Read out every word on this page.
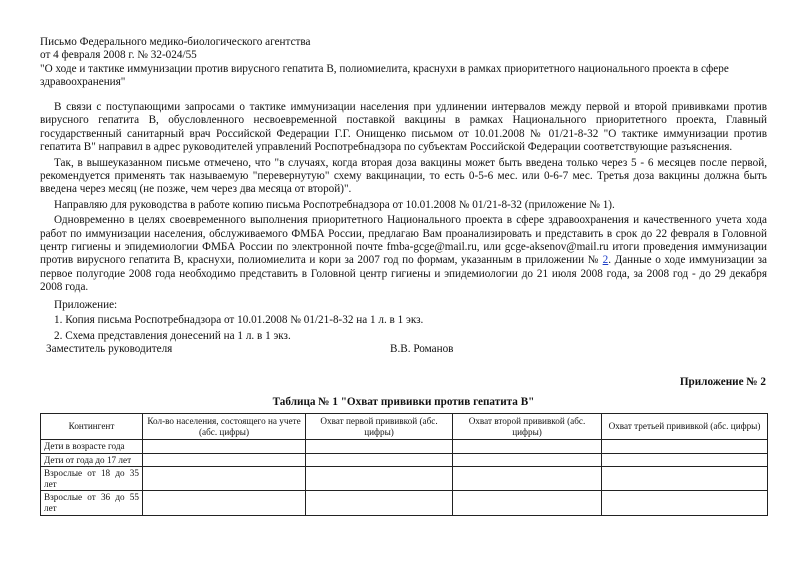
Письмо Федерального медико-биологического агентства
от 4 февраля 2008 г. № 32-024/55
"О ходе и тактике иммунизации против вирусного гепатита В, полиомиелита, краснухи в рамках приоритетного национального проекта в сфере
здравоохранения"

В связи с поступающими запросами о тактике иммунизации населения при удлинении интервалов между первой и второй прививками против вирусного гепатита В, обусловленного несвоевременной поставкой вакцины в рамках Национального приоритетного проекта, Главный государственный санитарный врач Российской Федерации Г.Г. Онищенко письмом от 10.01.2008 № 01/21-8-32 "О тактике иммунизации против гепатита В" направил в адрес руководителей управлений Роспотребнадзора по субъектам Российской Федерации соответствующие разъяснения.

Так, в вышеуказанном письме отмечено, что "в случаях, когда вторая доза вакцины может быть введена только через 5 - 6 месяцев после первой, рекомендуется применять так называемую "перевернутую" схему вакцинации, то есть 0-5-6 мес. или 0-6-7 мес. Третья доза вакцины должна быть введена через месяц (не позже, чем через два месяца от второй)".

Направляю для руководства в работе копию письма Роспотребнадзора от 10.01.2008 № 01/21-8-32 (приложение № 1).

Одновременно в целях своевременного выполнения приоритетного Национального проекта в сфере здравоохранения и качественного учета хода работ по иммунизации населения, обслуживаемого ФМБА России, предлагаю Вам проанализировать и представить в срок до 22 февраля в Головной центр гигиены и эпидемиологии ФМБА России по электронной почте fmba-gcge@mail.ru, или gcge-aksenov@mail.ru итоги проведения иммунизации против вирусного гепатита В, краснухи, полиомиелита и кори за 2007 год по формам, указанным в приложении № 2. Данные о ходе иммунизации за первое полугодие 2008 года необходимо представить в Головной центр гигиены и эпидемиологии до 21 июля 2008 года, за 2008 год - до 29 декабря 2008 года.

Приложение:
1. Копия письма Роспотребнадзора от 10.01.2008 № 01/21-8-32 на 1 л. в 1 экз.
2. Схема представления донесений на 1 л. в 1 экз.
Заместитель руководителя	В.В. Романов
Приложение № 2
Таблица № 1 "Охват прививки против гепатита В"
Контингент	Кол-во населения, состоящего на учете (абс. цифры)	Охват первой прививкой (абс. цифры)	Охват второй прививкой (абс. цифры)	Охват третьей прививкой (абс. цифры)
Дети в возрасте года				
Дети от года до 17 лет				
Взрослые от 18 до 35 лет				
Взрослые от 36 до 55 лет				
